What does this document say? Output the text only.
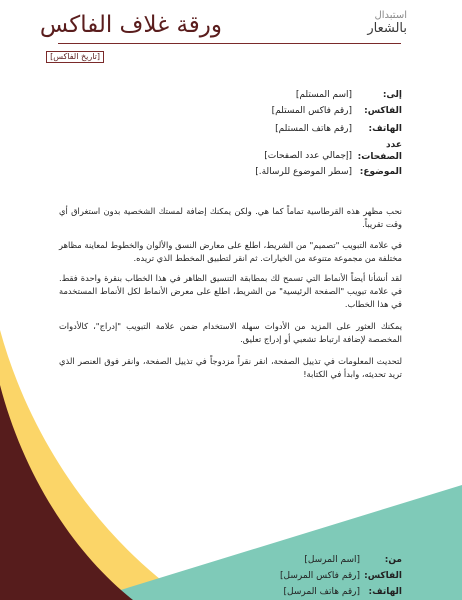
ورقة غلاف الفاكس	استبدال
بالشعار
[تاريخ الفاكس]
إلى:
[اسم المستلم]
الفاكس:
[رقم فاكس المستلم]
الهاتف:
[رقم هاتف المستلم]
عدد
الصفحات:
[إجمالي عدد الصفحات]
الموضوع:
[سطر الموضوع للرسالة.]

نحب مظهر هذه القرطاسية تماماً كما هي. ولكن يمكنك إضافة لمستك الشخصية بدون استغراق أي وقت تقريباً.

في علامة التبويب "تصميم" من الشريط، اطلع على معارض النسق والألوان والخطوط لمعاينة مظاهر مختلفة من مجموعة متنوعة من الخيارات. ثم انقر لتطبيق المخطط الذي تريده.

لقد أنشأنا أيضاً الأنماط التي تسمح لك بمطابقة التنسيق الظاهر في هذا الخطاب بنقرة واحدة فقط. في علامة تبويب "الصفحة الرئيسية" من الشريط، اطلع على معرض الأنماط لكل الأنماط المستخدمة في هذا الخطاب.

يمكنك العثور على المزيد من الأدوات سهلة الاستخدام ضمن علامة التبويب "إدراج"، كالأدوات المخصصة لإضافة ارتباط تشعبي أو إدراج تعليق.

لتحديث المعلومات في تذييل الصفحة، انقر نقراً مزدوجاً في تذييل الصفحة، وانقر فوق العنصر الذي تريد تحديثه، وابدأ في الكتابة!

من:
[اسم المرسل]
الفاكس:
[رقم فاكس المرسل]
الهاتف:
[رقم هاتف المرسل]
